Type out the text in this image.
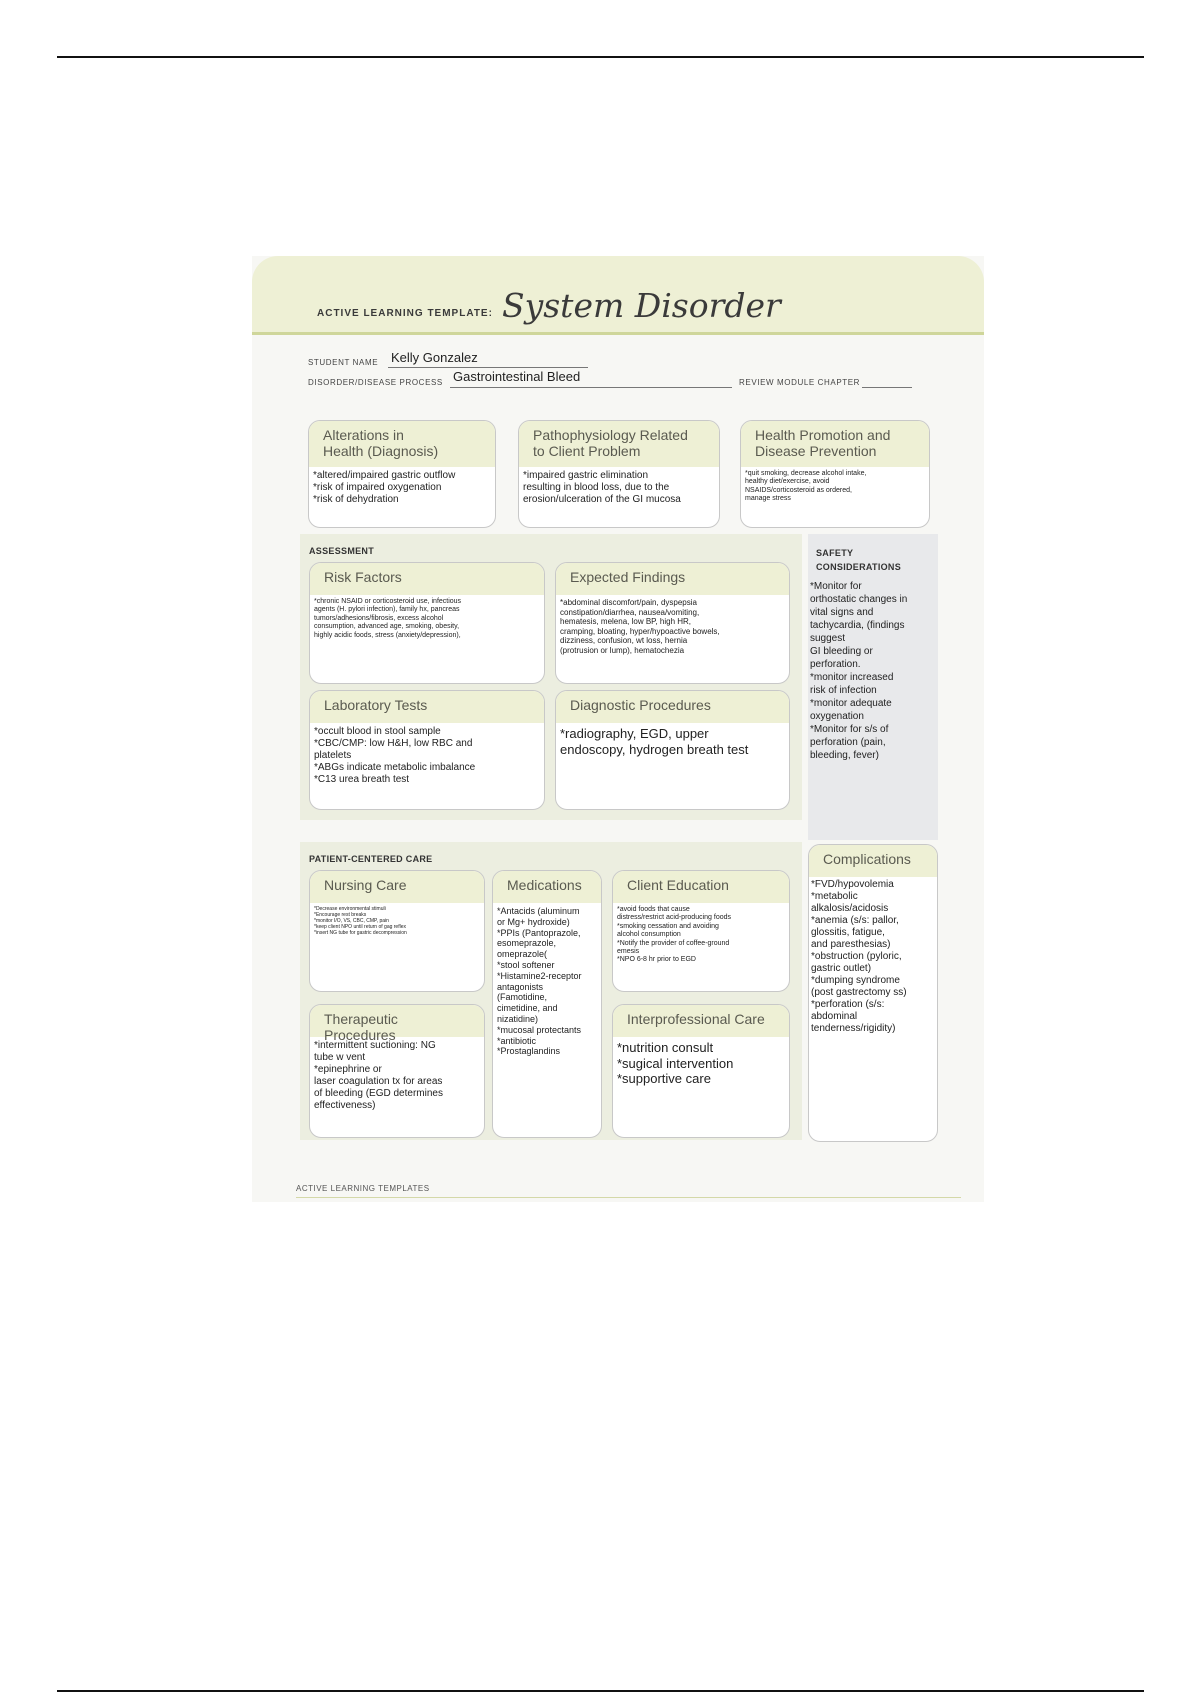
ACTIVE LEARNING TEMPLATE: System Disorder
STUDENT NAME Kelly Gonzalez
DISORDER/DISEASE PROCESS Gastrointestinal Bleed	REVIEW MODULE CHAPTER
Alterations in
Health (Diagnosis)
*altered/impaired gastric outflow
*risk of impaired oxygenation
*risk of dehydration
Pathophysiology Related
to Client Problem
*impaired gastric elimination
resulting in blood loss, due to the
erosion/ulceration of the GI mucosa
Health Promotion and
Disease Prevention
*quit smoking, decrease alcohol intake,
healthy diet/exercise, avoid
NSAIDS/corticosteroid as ordered,
manage stress
ASSESSMENT
Risk Factors
*chronic NSAID or corticosteroid use, infectious
agents (H. pylori infection), family hx, pancreas
tumors/adhesions/fibrosis, excess alcohol
consumption, advanced age, smoking, obesity,
highly acidic foods, stress (anxiety/depression),
Expected Findings
*abdominal discomfort/pain, dyspepsia
constipation/diarrhea, nausea/vomiting,
hematesis, melena, low BP, high HR,
cramping, bloating, hyper/hypoactive bowels,
dizziness, confusion, wt loss, hernia
(protrusion or lump), hematochezia
Laboratory Tests
*occult blood in stool sample
*CBC/CMP: low H&H, low RBC and
platelets
*ABGs indicate metabolic imbalance
*C13 urea breath test
Diagnostic Procedures
*radiography, EGD, upper
endoscopy, hydrogen breath test
SAFETY
CONSIDERATIONS
*Monitor for
orthostatic changes in
vital signs and
tachycardia, (findings
suggest
GI bleeding or
perforation.
*monitor increased
risk of infection
*monitor adequate
oxygenation
*Monitor for s/s of
perforation (pain,
bleeding, fever)
PATIENT-CENTERED CARE
Nursing Care
*Decrease environmental stimuli
*Encourage rest breaks
*monitor I/O, VS, CBC, CMP, pain
*keep client NPO until return of gag reflex
*insert NG tube for gastric decompression
Medications
*Antacids (aluminum
or Mg+ hydroxide)
*PPIs (Pantoprazole,
esomeprazole,
omeprazole(
*stool softener
*Histamine2-receptor
antagonists
(Famotidine,
cimetidine, and
nizatidine)
*mucosal protectants
*antibiotic
*Prostaglandins
Client Education
*avoid foods that cause
distress/restrict acid-producing foods
*smoking cessation and avoiding
alcohol consumption
*Notify the provider of coffee-ground
emesis
*NPO 6-8 hr prior to EGD
Therapeutic Procedures
*intermittent suctioning: NG
tube w vent
*epinephrine or
laser coagulation tx for areas
of bleeding (EGD determines
effectiveness)
Interprofessional Care
*nutrition consult
*sugical intervention
*supportive care
Complications
*FVD/hypovolemia
*metabolic
alkalosis/acidosis
*anemia (s/s: pallor,
glossitis, fatigue,
and paresthesias)
*obstruction (pyloric,
gastric outlet)
*dumping syndrome
(post gastrectomy ss)
*perforation (s/s:
abdominal
tenderness/rigidity)
ACTIVE LEARNING TEMPLATES
